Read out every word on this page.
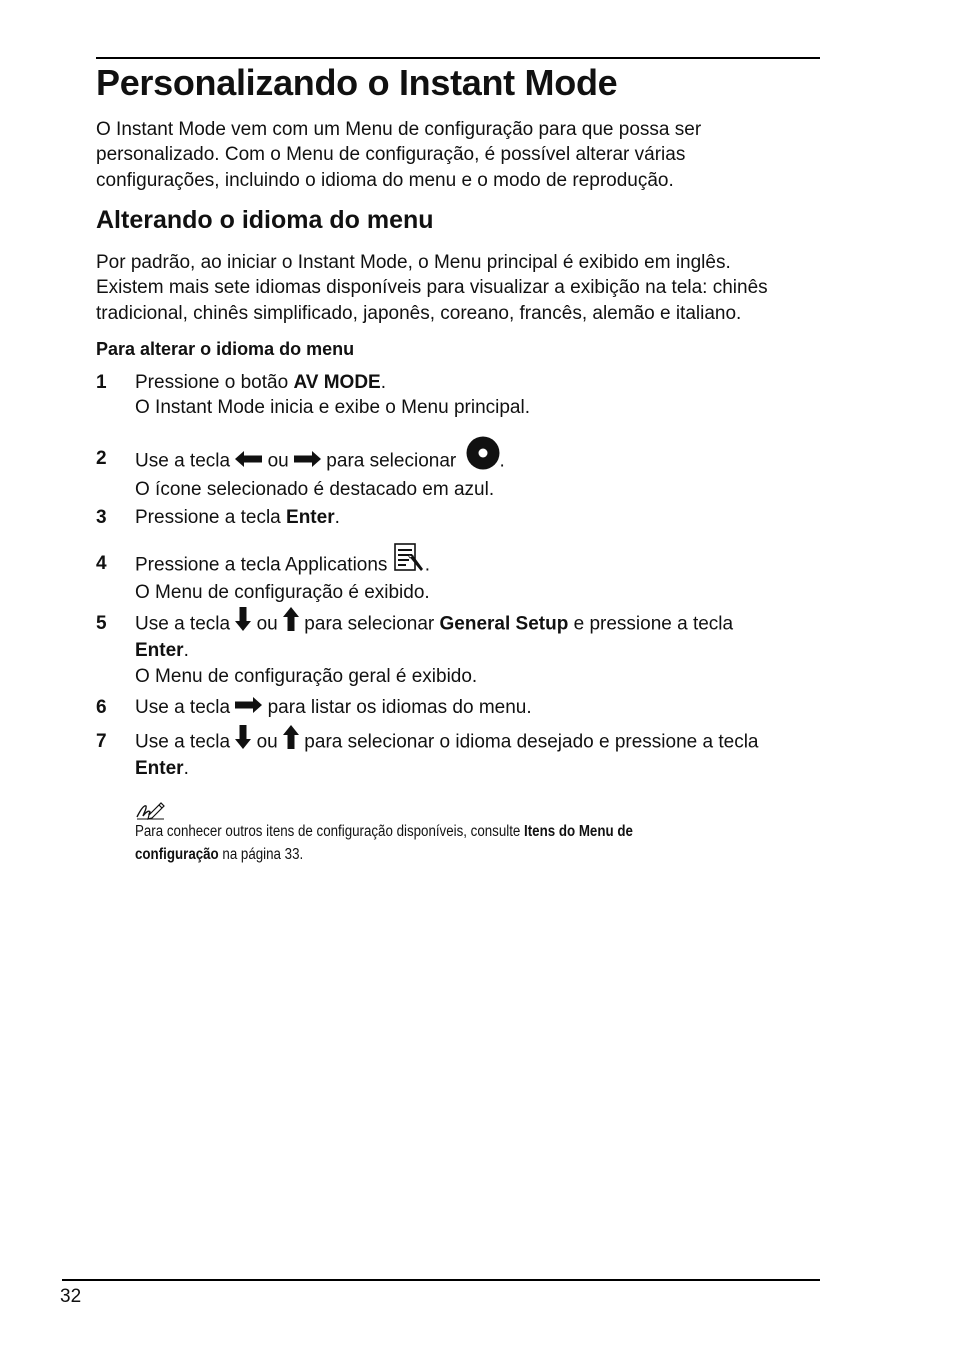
Personalizando o Instant Mode

O Instant Mode vem com um Menu de configuração para que possa ser
personalizado. Com o Menu de configuração, é possível alterar várias
configurações, incluindo o idioma do menu e o modo de reprodução.

Alterando o idioma do menu

Por padrão, ao iniciar o Instant Mode, o Menu principal é exibido em inglês.
Existem mais sete idiomas disponíveis para visualizar a exibição na tela: chinês
tradicional, chinês simplificado, japonês, coreano, francês, alemão e italiano.

Para alterar o idioma do menu

1 Pressione o botão AV MODE.
O Instant Mode inicia e exibe o Menu principal.
2 Use a tecla  ou  para selecionar .
O ícone selecionado é destacado em azul.
3 Pressione a tecla Enter.
4 Pressione a tecla Applications .
O Menu de configuração é exibido.
5 Use a tecla  ou  para selecionar General Setup e pressione a tecla
Enter.
O Menu de configuração geral é exibido.
6 Use a tecla  para listar os idiomas do menu.
7 Use a tecla  ou  para selecionar o idioma desejado e pressione a tecla
Enter.
Para conhecer outros itens de configuração disponíveis, consulte Itens do Menu de
configuração na página 33.
32
